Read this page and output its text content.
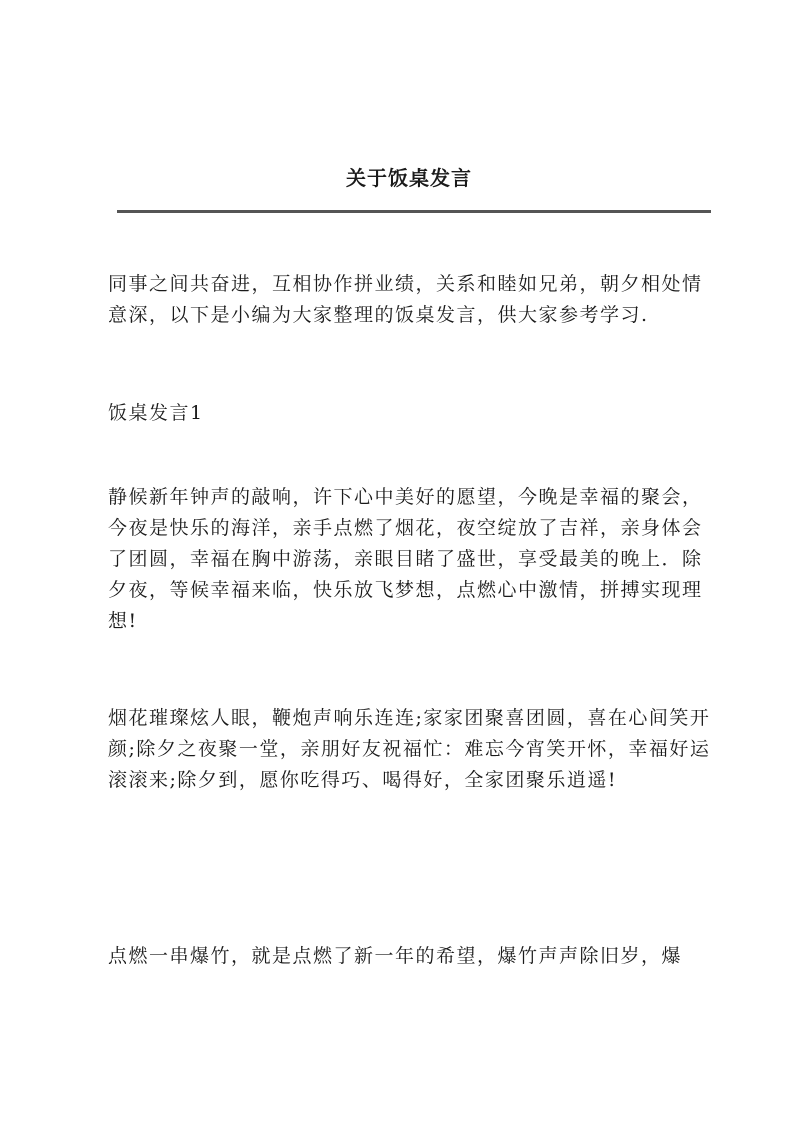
关于饭桌发言

同事之间共奋进，互相协作拼业绩，关系和睦如兄弟，朝夕相处情意深，以下是小编为大家整理的饭桌发言，供大家参考学习.

饭桌发言1

静候新年钟声的敲响，许下心中美好的愿望，今晚是幸福的聚会，今夜是快乐的海洋，亲手点燃了烟花，夜空绽放了吉祥，亲身体会了团圆，幸福在胸中游荡，亲眼目睹了盛世，享受最美的晚上．除夕夜，等候幸福来临，快乐放飞梦想，点燃心中激情，拼搏实现理想!

烟花璀璨炫人眼，鞭炮声响乐连连;家家团聚喜团圆，喜在心间笑开颜;除夕之夜聚一堂，亲朋好友祝福忙：难忘今宵笑开怀，幸福好运滚滚来;除夕到，愿你吃得巧、喝得好，全家团聚乐逍遥!

点燃一串爆竹，就是点燃了新一年的希望，爆竹声声除旧岁，爆
